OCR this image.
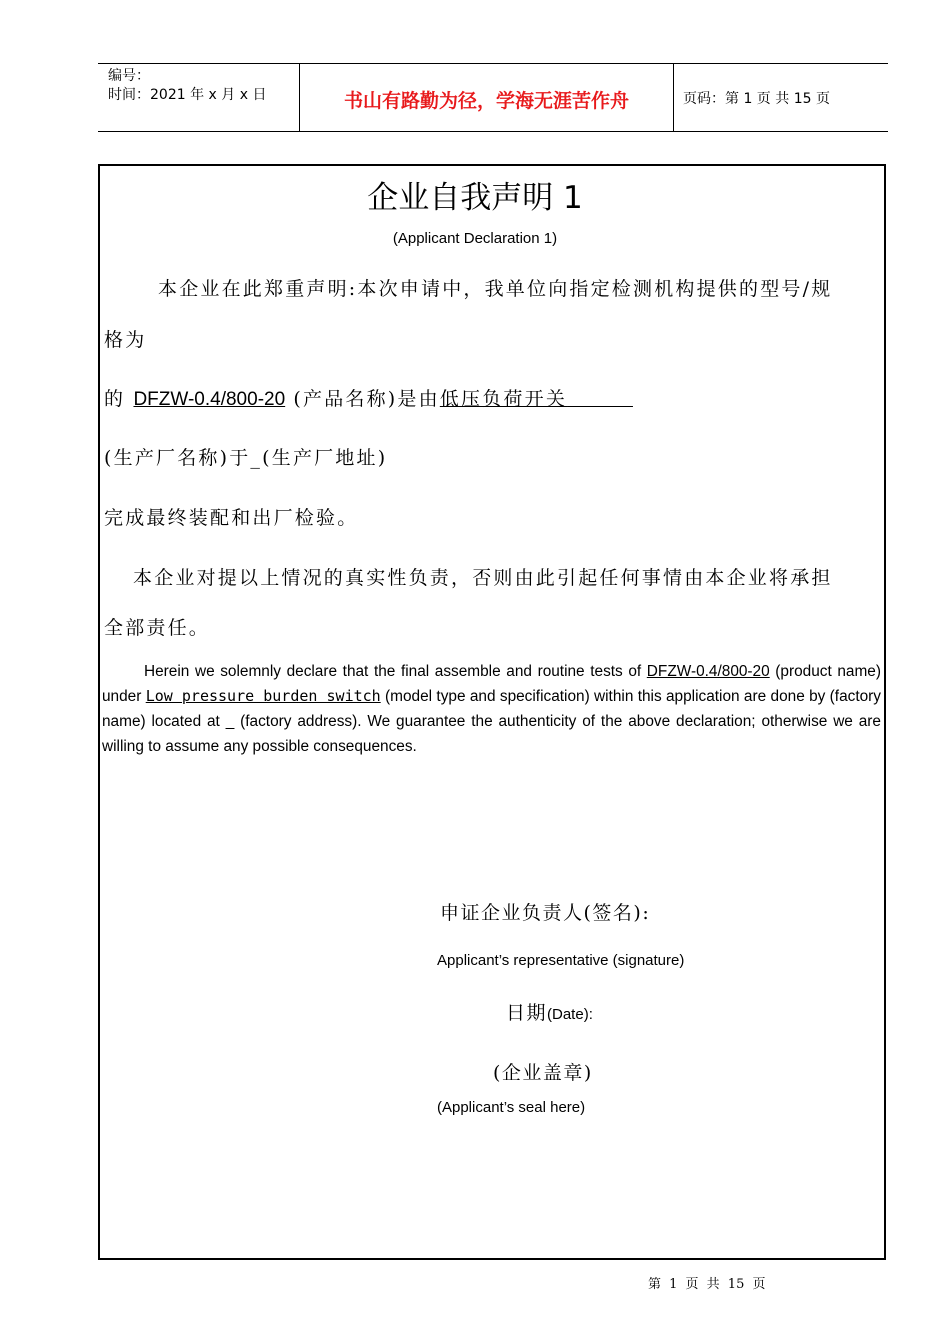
编号：
时间：2021 年 x 月 x 日	书山有路勤为径，学海无涯苦作舟	页码：第 1 页 共 15 页
企业自我声明 1
(Applicant Declaration 1)
本企业在此郑重声明:本次申请中，我单位向指定检测机构提供的型号/规
格为
的 DFZW-0.4/800-20 (产品名称)是由低压负荷开关
(生产厂名称)于_(生产厂地址)
完成最终装配和出厂检验。
本企业对提以上情况的真实性负责，否则由此引起任何事情由本企业将承担
全部责任。
Herein we solemnly declare that the final assemble and routine tests of DFZW-0.4/800-20 (product name) under Low pressure burden switch (model type and specification) within this application are done by (factory name) located at _ (factory address). We guarantee the authenticity of the above declaration; otherwise we are willing to assume any possible consequences.
申证企业负责人(签名):
Applicant’s representative (signature)
日期(Date):
(企业盖章)
(Applicant’s seal here)
第 1 页 共 15 页
